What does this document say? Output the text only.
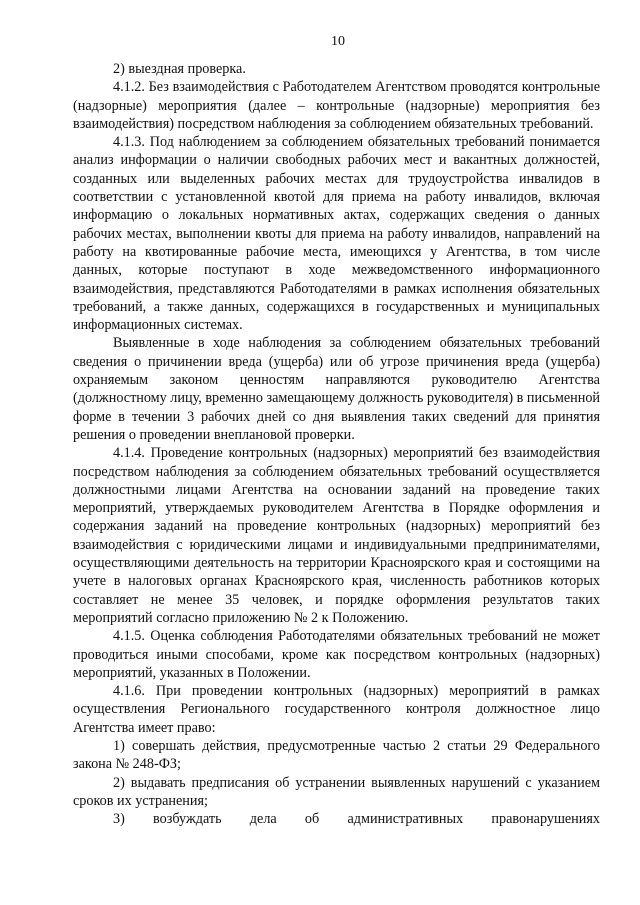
10

2) выездная проверка.

4.1.2. Без взаимодействия с Работодателем Агентством проводятся контрольные (надзорные) мероприятия (далее – контрольные (надзорные) мероприятия без взаимодействия) посредством наблюдения за соблюдением обязательных требований.

4.1.3. Под наблюдением за соблюдением обязательных требований понимается анализ информации о наличии свободных рабочих мест и вакантных должностей, созданных или выделенных рабочих местах для трудоустройства инвалидов в соответствии с установленной квотой для приема на работу инвалидов, включая информацию о локальных нормативных актах, содержащих сведения о данных рабочих местах, выполнении квоты для приема на работу инвалидов, направлений на работу на квотированные рабочие места, имеющихся у Агентства, в том числе данных, которые поступают в ходе межведомственного информационного взаимодействия, представляются Работодателями в рамках исполнения обязательных требований, а также данных, содержащихся в государственных и муниципальных информационных системах.

Выявленные в ходе наблюдения за соблюдением обязательных требований сведения о причинении вреда (ущерба) или об угрозе причинения вреда (ущерба) охраняемым законом ценностям направляются руководителю Агентства (должностному лицу, временно замещающему должность руководителя) в письменной форме в течении 3 рабочих дней со дня выявления таких сведений для принятия решения о проведении внеплановой проверки.

4.1.4. Проведение контрольных (надзорных) мероприятий без взаимодействия посредством наблюдения за соблюдением обязательных требований осуществляется должностными лицами Агентства на основании заданий на проведение таких мероприятий, утверждаемых руководителем Агентства в Порядке оформления и содержания заданий на проведение контрольных (надзорных) мероприятий без взаимодействия с юридическими лицами и индивидуальными предпринимателями, осуществляющими деятельность на территории Красноярского края и состоящими на учете в налоговых органах Красноярского края, численность работников которых составляет не менее 35 человек, и порядке оформления результатов таких мероприятий согласно приложению № 2 к Положению.

4.1.5. Оценка соблюдения Работодателями обязательных требований не может проводиться иными способами, кроме как посредством контрольных (надзорных) мероприятий, указанных в Положении.

4.1.6. При проведении контрольных (надзорных) мероприятий в рамках осуществления Регионального государственного контроля должностное лицо Агентства имеет право:

1) совершать действия, предусмотренные частью 2 статьи 29 Федерального закона № 248-ФЗ;

2) выдавать предписания об устранении выявленных нарушений с указанием сроков их устранения;

3) возбуждать дела об административных правонарушениях
